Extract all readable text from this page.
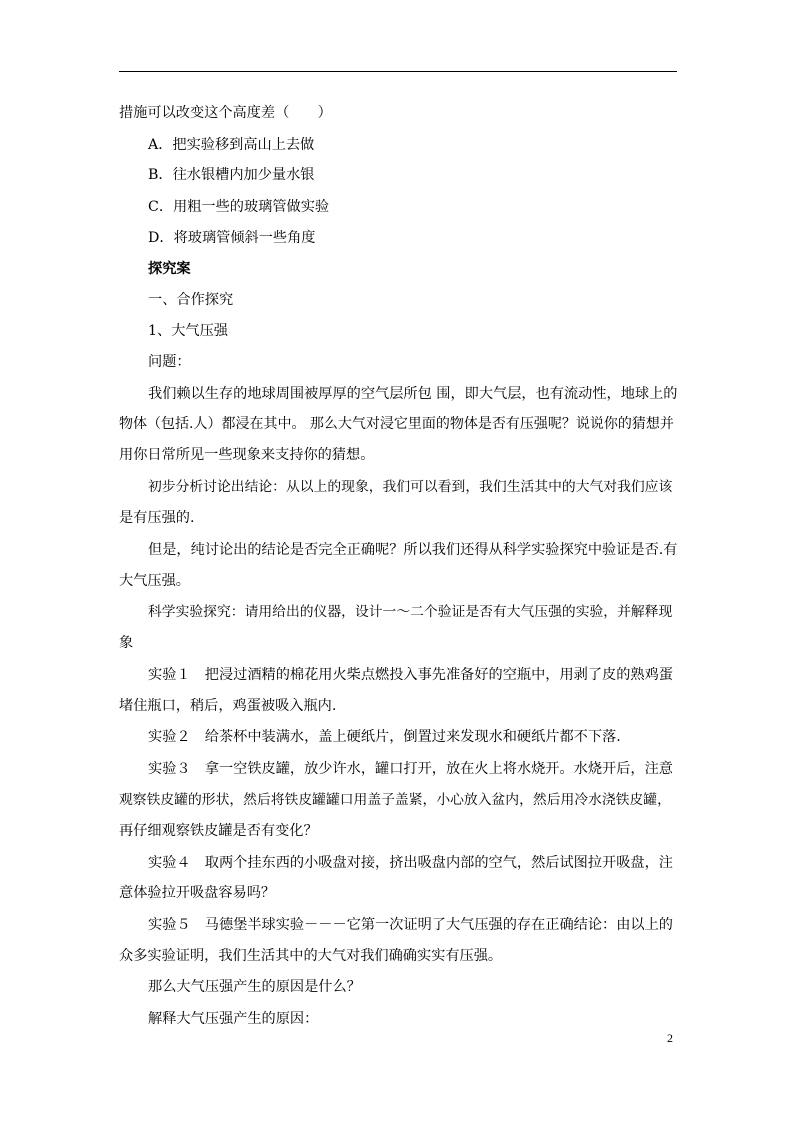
措施可以改变这个高度差（　　）
A．把实验移到高山上去做
B．往水银槽内加少量水银
C．用粗一些的玻璃管做实验
D．将玻璃管倾斜一些角度
探究案
一、合作探究
1、大气压强
问题：
我们赖以生存的地球周围被厚厚的空气层所包 围，即大气层，也有流动性，地球上的
物体（包括.人）都浸在其中。 那么大气对浸它里面的物体是否有压强呢？说说你的猜想并
用你日常所见一些现象来支持你的猜想。
初步分析讨论出结论：从以上的现象，我们可以看到，我们生活其中的大气对我们应该
是有压强的.
但是，纯讨论出的结论是否完全正确呢？所以我们还得从科学实验探究中验证是否.有
大气压强。
科学实验探究：请用给出的仪器，设计一～二个验证是否有大气压强的实验，并解释现
象
实验１　把浸过酒精的棉花用火柴点燃投入事先准备好的空瓶中，用剥了皮的熟鸡蛋
堵住瓶口，稍后，鸡蛋被吸入瓶内.
实验２　给茶杯中装满水，盖上硬纸片，倒置过来发现水和硬纸片都不下落.
实验３　拿一空铁皮罐，放少许水，罐口打开，放在火上将水烧开。水烧开后，注意
观察铁皮罐的形状，然后将铁皮罐罐口用盖子盖紧，小心放入盆内，然后用冷水浇铁皮罐，
再仔细观察铁皮罐是否有变化？
实验４　取两个挂东西的小吸盘对接，挤出吸盘内部的空气，然后试图拉开吸盘，注
意体验拉开吸盘容易吗？
实验５　马德堡半球实验－－－它第一次证明了大气压强的存在正确结论：由以上的
众多实验证明，我们生活其中的大气对我们确确实实有压强。
那么大气压强产生的原因是什么？
解释大气压强产生的原因：
2
